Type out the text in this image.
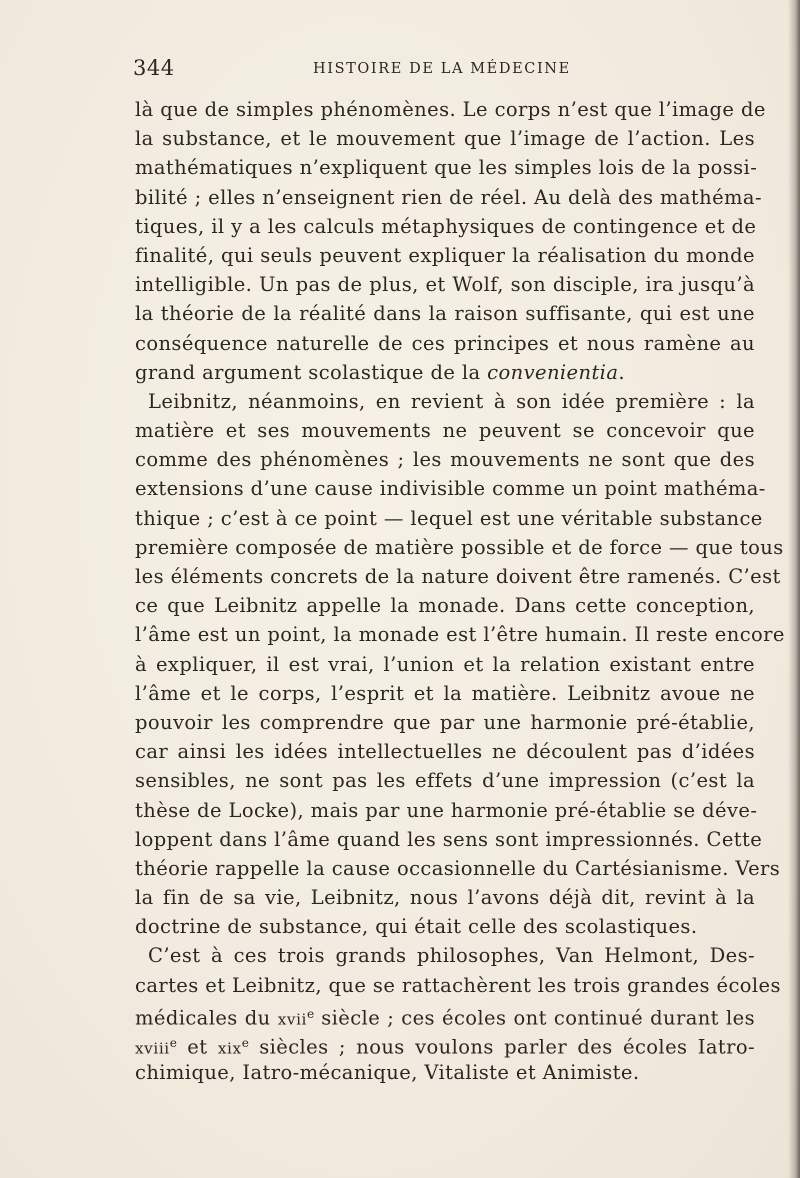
344	HISTOIRE DE LA MÉDECINE
là que de simples phénomènes. Le corps n’est que l’image de
la substance, et le mouvement que l’image de l’action. Les
mathématiques n’expliquent que les simples lois de la possi-
bilité ; elles n’enseignent rien de réel. Au delà des mathéma-
tiques, il y a les calculs métaphysiques de contingence et de
finalité, qui seuls peuvent expliquer la réalisation du monde
intelligible. Un pas de plus, et Wolf, son disciple, ira jusqu’à
la théorie de la réalité dans la raison suffisante, qui est une
conséquence naturelle de ces principes et nous ramène au
grand argument scolastique de la convenientia.
Leibnitz, néanmoins, en revient à son idée première : la
matière et ses mouvements ne peuvent se concevoir que
comme des phénomènes ; les mouvements ne sont que des
extensions d’une cause indivisible comme un point mathéma-
thique ; c’est à ce point — lequel est une véritable substance
première composée de matière possible et de force — que tous
les éléments concrets de la nature doivent être ramenés. C’est
ce que Leibnitz appelle la monade. Dans cette conception,
l’âme est un point, la monade est l’être humain. Il reste encore
à expliquer, il est vrai, l’union et la relation existant entre
l’âme et le corps, l’esprit et la matière. Leibnitz avoue ne
pouvoir les comprendre que par une harmonie pré-établie,
car ainsi les idées intellectuelles ne découlent pas d’idées
sensibles, ne sont pas les effets d’une impression (c’est la
thèse de Locke), mais par une harmonie pré-établie se déve-
loppent dans l’âme quand les sens sont impressionnés. Cette
théorie rappelle la cause occasionnelle du Cartésianisme. Vers
la fin de sa vie, Leibnitz, nous l’avons déjà dit, revint à la
doctrine de substance, qui était celle des scolastiques.
C’est à ces trois grands philosophes, Van Helmont, Des-
cartes et Leibnitz, que se rattachèrent les trois grandes écoles
médicales du xvii$^e$ siècle ; ces écoles ont continué durant les
xviii$^e$ et xix$^e$ siècles ; nous voulons parler des écoles Iatro-
chimique, Iatro-mécanique, Vitaliste et Animiste.
